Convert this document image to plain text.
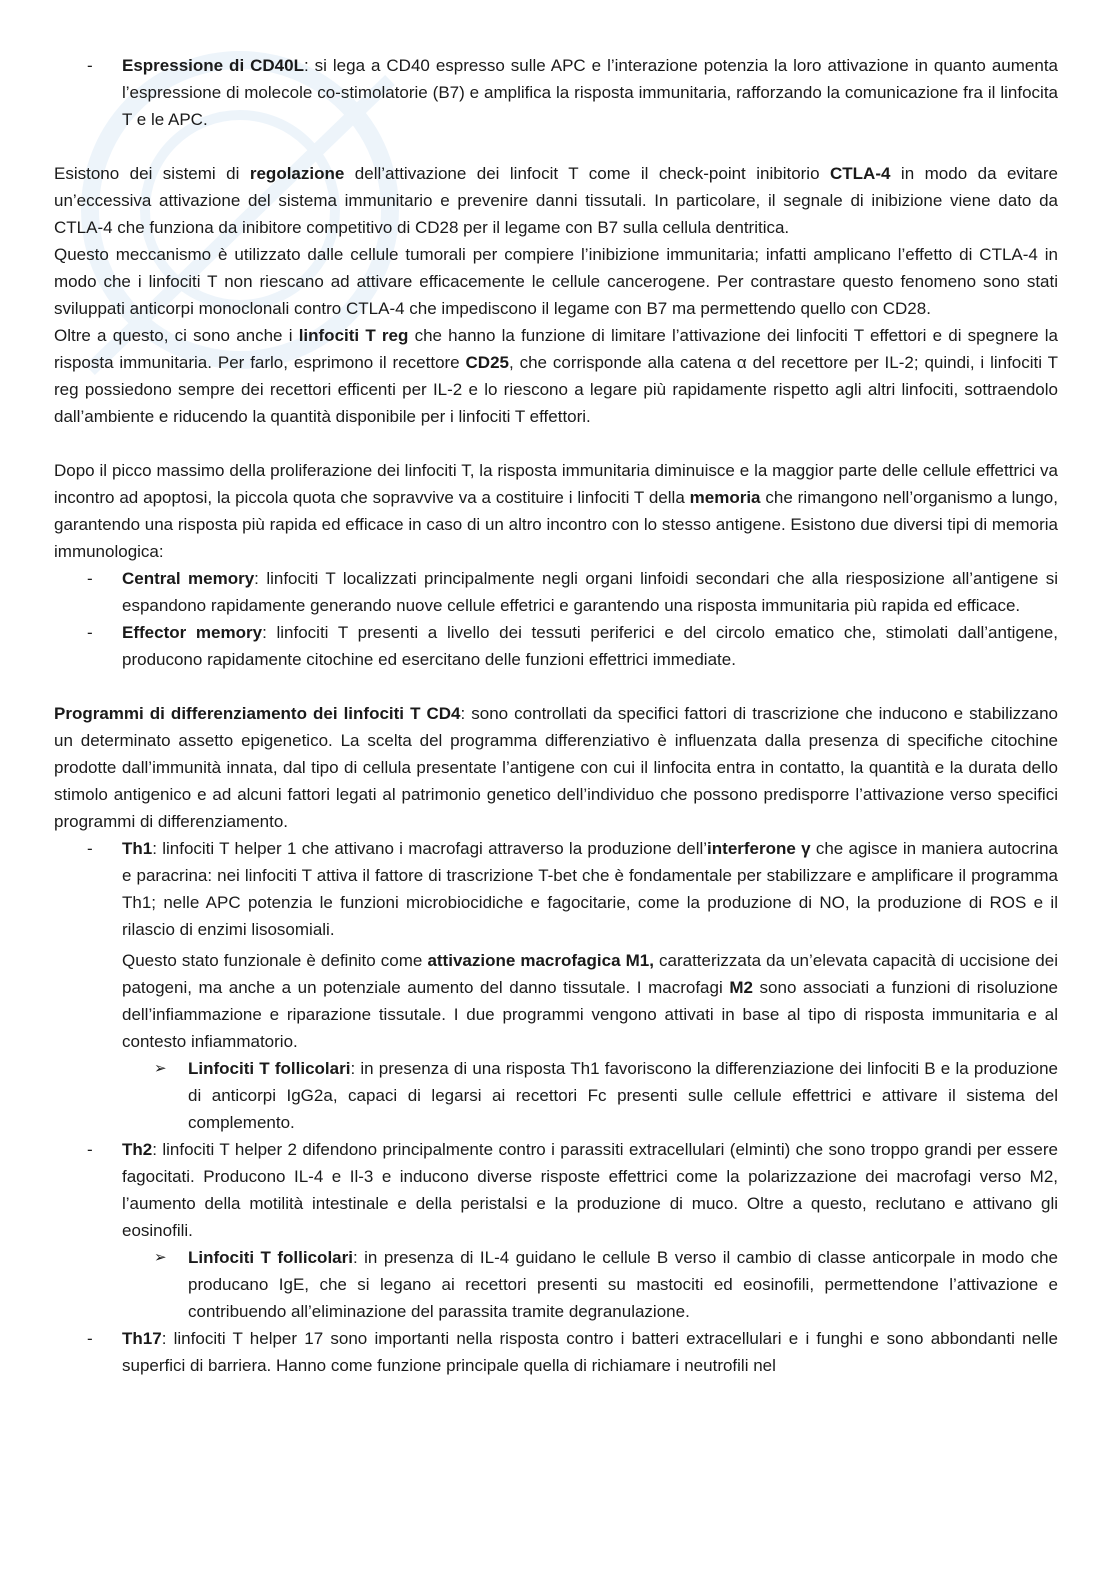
- Espressione di CD40L: si lega a CD40 espresso sulle APC e l’interazione potenzia la loro attivazione in quanto aumenta l’espressione di molecole co-stimolatorie (B7) e amplifica la risposta immunitaria, rafforzando la comunicazione fra il linfocita T e le APC.

Esistono dei sistemi di regolazione dell’attivazione dei linfocit T come il check-point inibitorio CTLA-4 in modo da evitare un’eccessiva attivazione del sistema immunitario e prevenire danni tissutali. In particolare, il segnale di inibizione viene dato da CTLA-4 che funziona da inibitore competitivo di CD28 per il legame con B7 sulla cellula dentritica.

Questo meccanismo è utilizzato dalle cellule tumorali per compiere l’inibizione immunitaria; infatti amplicano l’effetto di CTLA-4 in modo che i linfociti T non riescano ad attivare efficacemente le cellule cancerogene. Per contrastare questo fenomeno sono stati sviluppati anticorpi monoclonali contro CTLA-4 che impediscono il legame con B7 ma permettendo quello con CD28.

Oltre a questo, ci sono anche i linfociti T reg che hanno la funzione di limitare l’attivazione dei linfociti T effettori e di spegnere la risposta immunitaria. Per farlo, esprimono il recettore CD25, che corrisponde alla catena α del recettore per IL-2; quindi, i linfociti T reg possiedono sempre dei recettori efficenti per IL-2 e lo riescono a legare più rapidamente rispetto agli altri linfociti, sottraendolo dall’ambiente e riducendo la quantità disponibile per i linfociti T effettori.

Dopo il picco massimo della proliferazione dei linfociti T, la risposta immunitaria diminuisce e la maggior parte delle cellule effettrici va incontro ad apoptosi, la piccola quota che sopravvive va a costituire i linfociti T della memoria che rimangono nell’organismo a lungo, garantendo una risposta più rapida ed efficace in caso di un altro incontro con lo stesso antigene. Esistono due diversi tipi di memoria immunologica:

- Central memory: linfociti T localizzati principalmente negli organi linfoidi secondari che alla riesposizione all’antigene si espandono rapidamente generando nuove cellule effetrici e garantendo una risposta immunitaria più rapida ed efficace.
- Effector memory: linfociti T presenti a livello dei tessuti periferici e del circolo ematico che, stimolati dall’antigene, producono rapidamente citochine ed esercitano delle funzioni effettrici immediate.

Programmi di differenziamento dei linfociti T CD4: sono controllati da specifici fattori di trascrizione che inducono e stabilizzano un determinato assetto epigenetico. La scelta del programma differenziativo è influenzata dalla presenza di specifiche citochine prodotte dall’immunità innata, dal tipo di cellula presentate l’antigene con cui il linfocita entra in contatto, la quantità e la durata dello stimolo antigenico e ad alcuni fattori legati al patrimonio genetico dell’individuo che possono predisporre l’attivazione verso specifici programmi di differenziamento.

- Th1: linfociti T helper 1 che attivano i macrofagi attraverso la produzione dell’interferone γ che agisce in maniera autocrina e paracrina: nei linfociti T attiva il fattore di trascrizione T-bet che è fondamentale per stabilizzare e amplificare il programma Th1; nelle APC potenzia le funzioni microbiocidiche e fagocitarie, come la produzione di NO, la produzione di ROS e il rilascio di enzimi lisosomiali.

Questo stato funzionale è definito come attivazione macrofagica M1, caratterizzata da un’elevata capacità di uccisione dei patogeni, ma anche a un potenziale aumento del danno tissutale. I macrofagi M2 sono associati a funzioni di risoluzione dell’infiammazione e riparazione tissutale. I due programmi vengono attivati in base al tipo di risposta immunitaria e al contesto infiammatorio.

➢ Linfociti T follicolari: in presenza di una risposta Th1 favoriscono la differenziazione dei linfociti B e la produzione di anticorpi IgG2a, capaci di legarsi ai recettori Fc presenti sulle cellule effettrici e attivare il sistema del complemento.
- Th2: linfociti T helper 2 difendono principalmente contro i parassiti extracellulari (elminti) che sono troppo grandi per essere fagocitati. Producono IL-4 e Il-3 e inducono diverse risposte effettrici come la polarizzazione dei macrofagi verso M2, l’aumento della motilità intestinale e della peristalsi e la produzione di muco. Oltre a questo, reclutano e attivano gli eosinofili.
➢ Linfociti T follicolari: in presenza di IL-4 guidano le cellule B verso il cambio di classe anticorpale in modo che producano IgE, che si legano ai recettori presenti su mastociti ed eosinofili, permettendone l’attivazione e contribuendo all’eliminazione del parassita tramite degranulazione.
- Th17: linfociti T helper 17 sono importanti nella risposta contro i batteri extracellulari e i funghi e sono abbondanti nelle superfici di barriera. Hanno come funzione principale quella di richiamare i neutrofili nel
